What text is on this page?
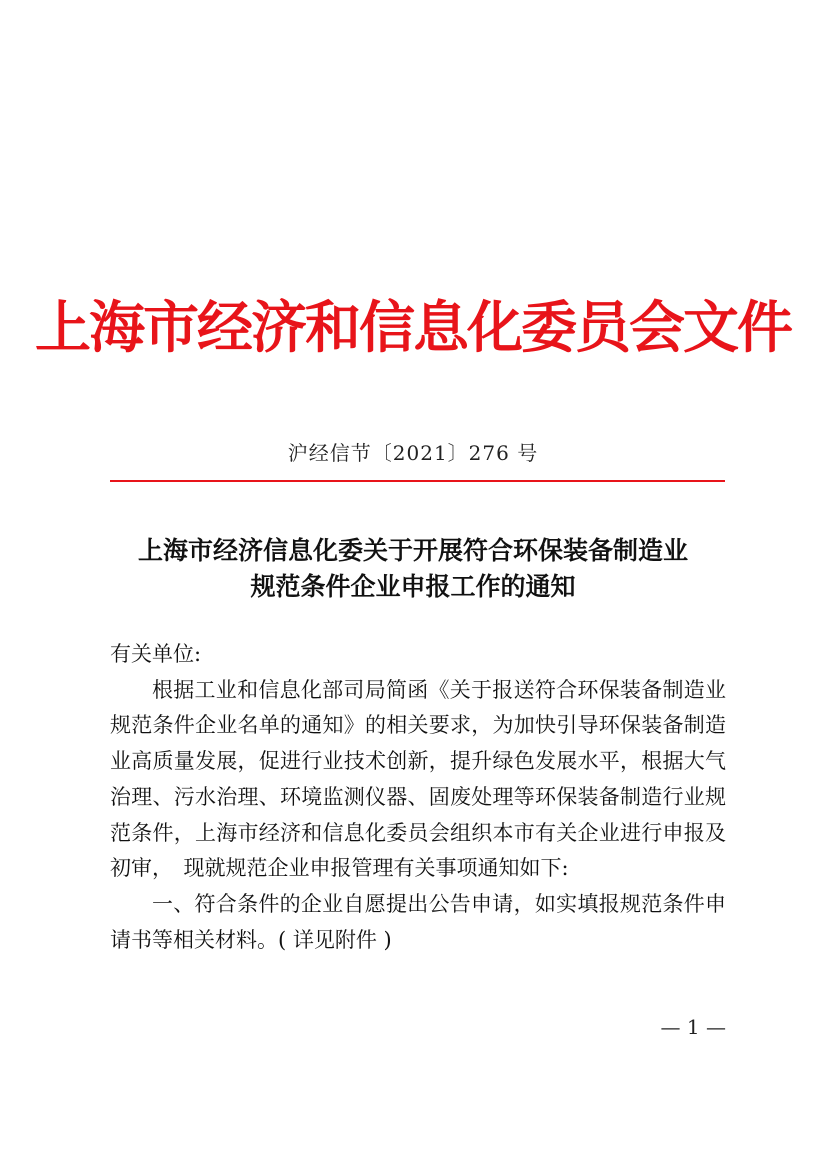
上海市经济和信息化委员会文件
沪经信节〔2021〕276 号
上海市经济信息化委关于开展符合环保装备制造业
规范条件企业申报工作的通知

有关单位:

根据工业和信息化部司局简函《关于报送符合环保装备制造业规范条件企业名单的通知》的相关要求，为加快引导环保装备制造业高质量发展，促进行业技术创新，提升绿色发展水平，根据大气治理、污水治理、环境监测仪器、固废处理等环保装备制造行业规范条件，上海市经济和信息化委员会组织本市有关企业进行申报及初审，　现就规范企业申报管理有关事项通知如下:

一、符合条件的企业自愿提出公告申请，如实填报规范条件申请书等相关材料。( 详见附件 )

— 1 —
